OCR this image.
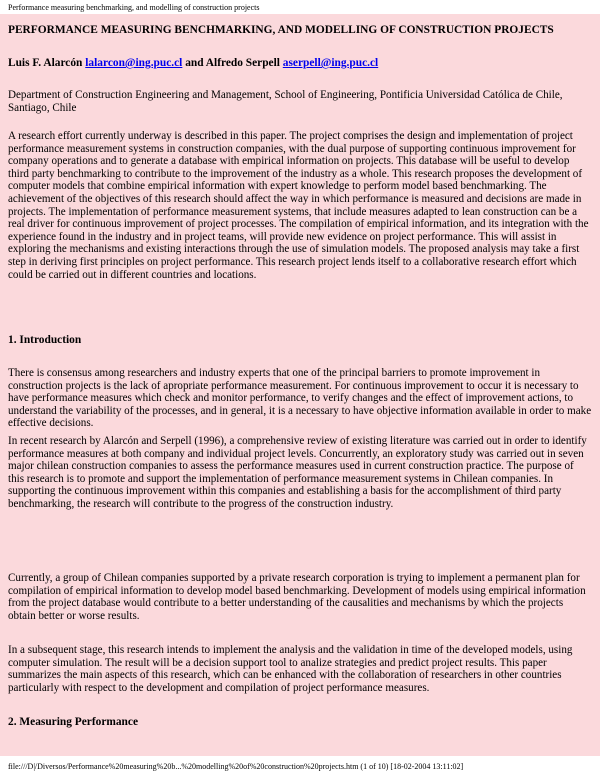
Performance measuring benchmarking, and modelling of construction projects
PERFORMANCE MEASURING BENCHMARKING, AND MODELLING OF CONSTRUCTION PROJECTS
Luis F. Alarcón lalarcon@ing.puc.cl and Alfredo Serpell aserpell@ing.puc.cl

Department of Construction Engineering and Management, School of Engineering, Pontificia Universidad Católica de Chile, Santiago, Chile

A research effort currently underway is described in this paper. The project comprises the design and implementation of project performance measurement systems in construction companies, with the dual purpose of supporting continuous improvement for company operations and to generate a database with empirical information on projects. This database will be useful to develop third party benchmarking to contribute to the improvement of the industry as a whole. This research proposes the development of computer models that combine empirical information with expert knowledge to perform model based benchmarking. The achievement of the objectives of this research should affect the way in which performance is measured and decisions are made in projects. The implementation of performance measurement systems, that include measures adapted to lean construction can be a real driver for continuous improvement of project processes. The compilation of empirical information, and its integration with the experience found in the industry and in project teams, will provide new evidence on project performance. This will assist in exploring the mechanisms and existing interactions through the use of simulation models. The proposed analysis may take a first step in deriving first principles on project performance. This research project lends itself to a collaborative research effort which could be carried out in different countries and locations.

1. Introduction

There is consensus among researchers and industry experts that one of the principal barriers to promote improvement in construction projects is the lack of apropriate performance measurement. For continuous improvement to occur it is necessary to have performance measures which check and monitor performance, to verify changes and the effect of improvement actions, to understand the variability of the processes, and in general, it is a necessary to have objective information available in order to make effective decisions.

In recent research by Alarcón and Serpell (1996), a comprehensive review of existing literature was carried out in order to identify performance measures at both company and individual project levels. Concurrently, an exploratory study was carried out in seven major chilean construction companies to assess the performance measures used in current construction practice. The purpose of this research is to promote and support the implementation of performance measurement systems in Chilean companies. In supporting the continuous improvement within this companies and establishing a basis for the accomplishment of third party benchmarking, the research will contribute to the progress of the construction industry.

Currently, a group of Chilean companies supported by a private research corporation is trying to implement a permanent plan for compilation of empirical information to develop model based benchmarking. Development of models using empirical information from the project database would contribute to a better understanding of the causalities and mechanisms by which the projects obtain better or worse results.

In a subsequent stage, this research intends to implement the analysis and the validation in time of the developed models, using computer simulation. The result will be a decision support tool to analize strategies and predict project results. This paper summarizes the main aspects of this research, which can be enhanced with the collaboration of researchers in other countries particularly with respect to the development and compilation of project performance measures.

2. Measuring Performance
file:///D|/Diversos/Performance%20measuring%20b...%20modelling%20of%20construction%20projects.htm (1 of 10) [18-02-2004 13:11:02]
